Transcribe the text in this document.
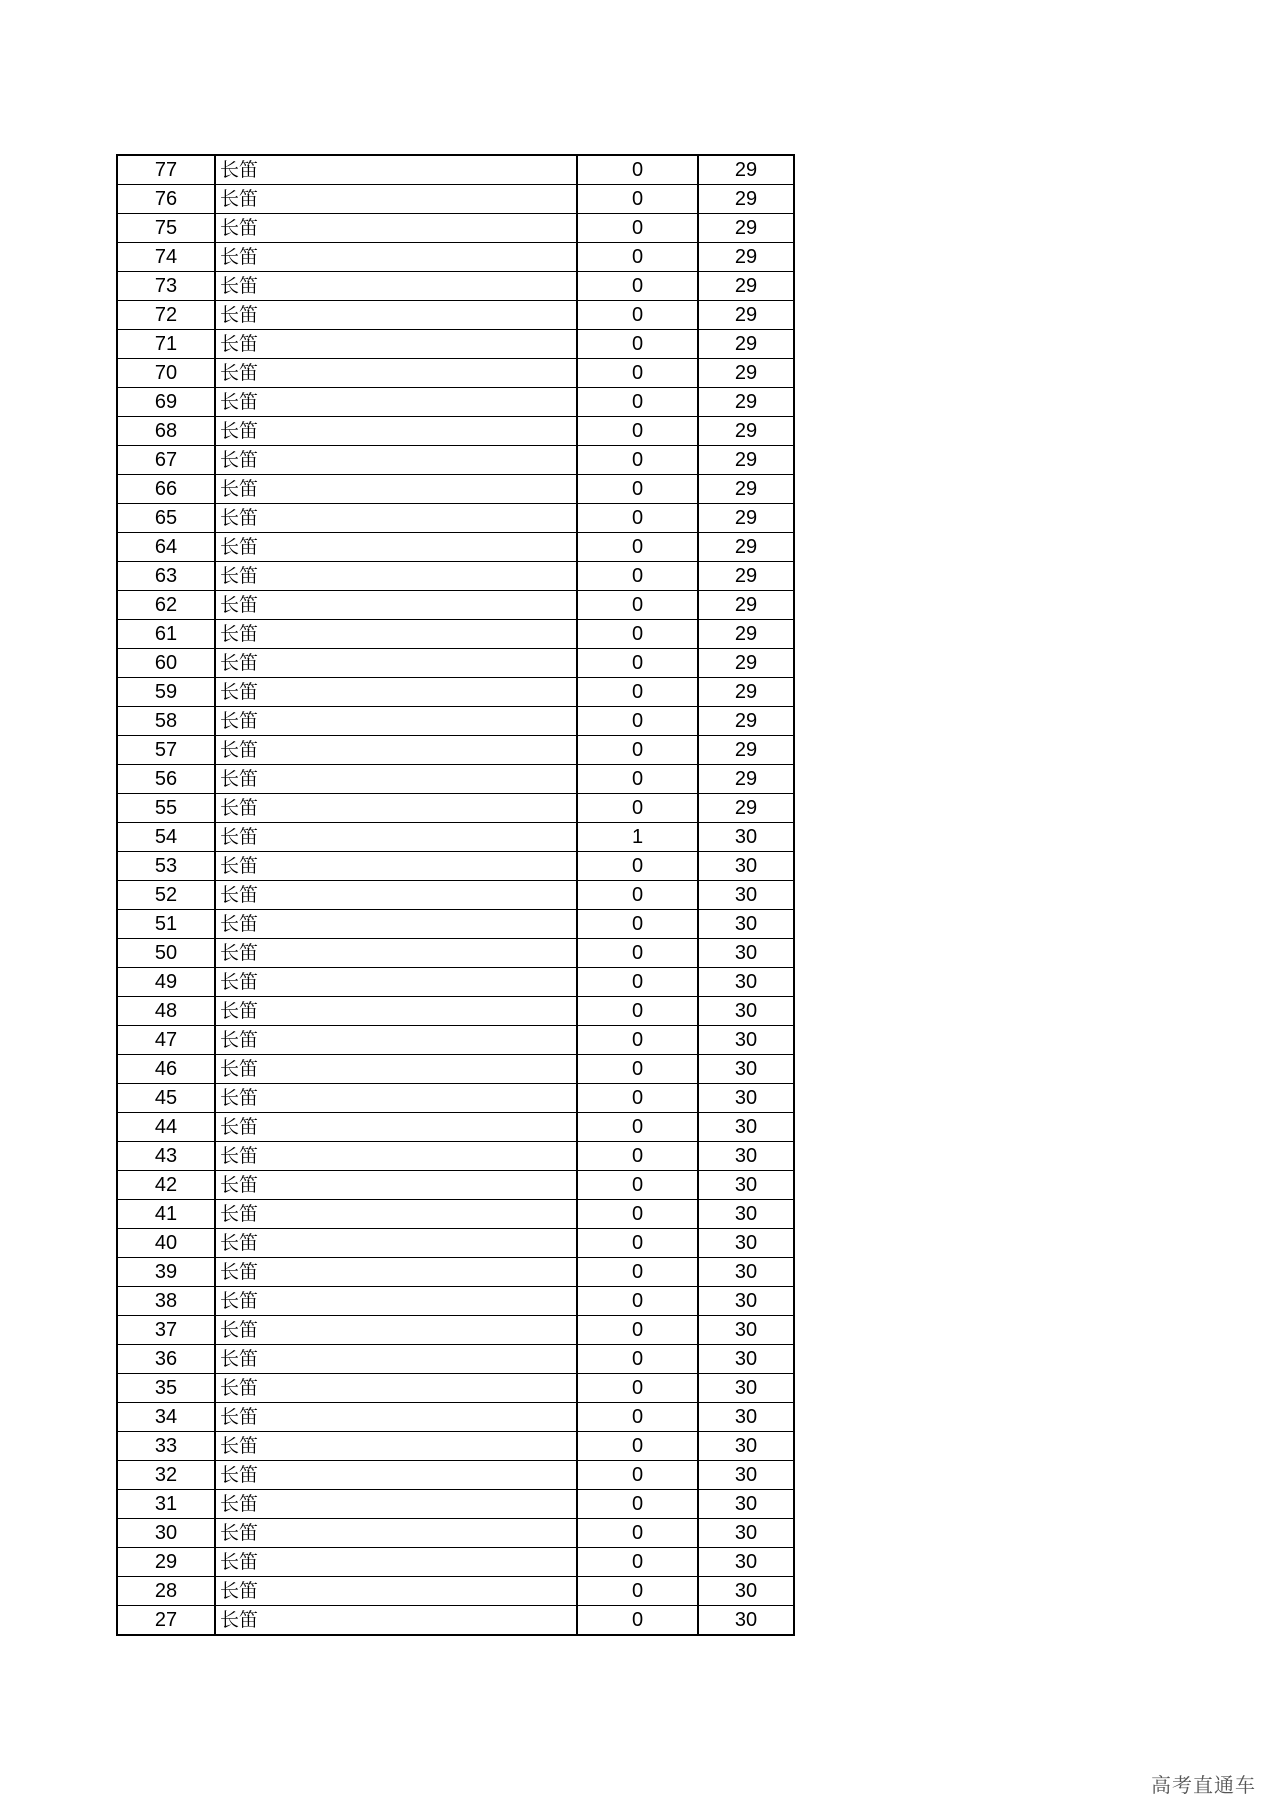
77	长笛	0	29
76	长笛	0	29
75	长笛	0	29
74	长笛	0	29
73	长笛	0	29
72	长笛	0	29
71	长笛	0	29
70	长笛	0	29
69	长笛	0	29
68	长笛	0	29
67	长笛	0	29
66	长笛	0	29
65	长笛	0	29
64	长笛	0	29
63	长笛	0	29
62	长笛	0	29
61	长笛	0	29
60	长笛	0	29
59	长笛	0	29
58	长笛	0	29
57	长笛	0	29
56	长笛	0	29
55	长笛	0	29
54	长笛	1	30
53	长笛	0	30
52	长笛	0	30
51	长笛	0	30
50	长笛	0	30
49	长笛	0	30
48	长笛	0	30
47	长笛	0	30
46	长笛	0	30
45	长笛	0	30
44	长笛	0	30
43	长笛	0	30
42	长笛	0	30
41	长笛	0	30
40	长笛	0	30
39	长笛	0	30
38	长笛	0	30
37	长笛	0	30
36	长笛	0	30
35	长笛	0	30
34	长笛	0	30
33	长笛	0	30
32	长笛	0	30
31	长笛	0	30
30	长笛	0	30
29	长笛	0	30
28	长笛	0	30
27	长笛	0	30
高考直通车
